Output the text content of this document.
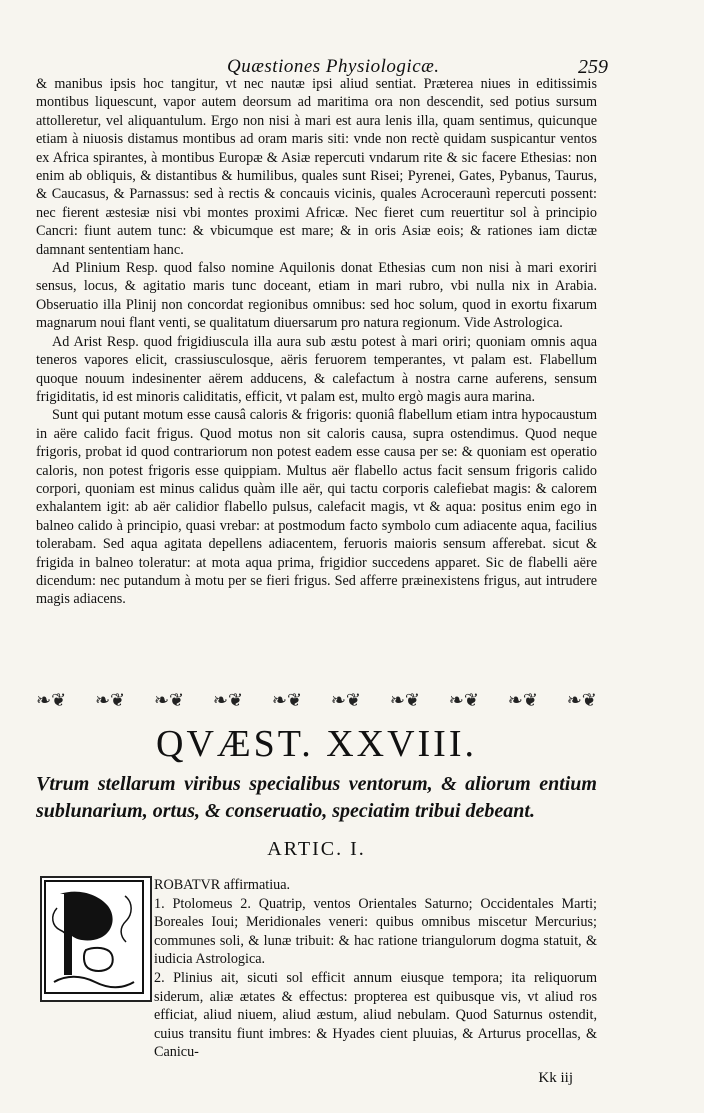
Quæstiones Physiologicæ.	259

& manibus ipsis hoc tangitur, vt nec nautæ ipsi aliud sentiat. Præterea niues in editissimis montibus liquescunt, vapor autem deorsum ad maritima ora non descendit, sed potius sursum attolleretur, vel aliquantulum. Ergo non nisi à mari est aura lenis illa, quam sentimus, quicunque etiam à niuosis distamus montibus ad oram maris siti: vnde non rectè quidam suspicantur ventos ex Africa spirantes, à montibus Europæ & Asiæ repercuti vndarum rite & sic facere Ethesias: non enim ab obliquis, & distantibus & humilibus, quales sunt Risei; Pyrenei, Gates, Pybanus, Taurus, & Caucasus, & Parnassus: sed à rectis & concauis vicinis, quales Acroceraunì repercuti possent: nec fierent æstesiæ nisi vbi montes proximi Africæ. Nec fieret cum reuertitur sol à principio Cancri: fiunt autem tunc: & vbicumque est mare; & in oris Asiæ eois; & rationes iam dictæ damnant sententiam hanc.

Ad Plinium Resp. quod falso nomine Aquilonis donat Ethesias cum non nisi à mari exoriri sensus, locus, & agitatio maris tunc doceant, etiam in mari rubro, vbi nulla nix in Arabia. Obseruatio illa Plinij non concordat regionibus omnibus: sed hoc solum, quod in exortu fixarum magnarum noui flant venti, se qualitatum diuersarum pro natura regionum. Vide Astrologica.

Ad Arist Resp. quod frigidiuscula illa aura sub æstu potest à mari oriri; quoniam omnis aqua teneros vapores elicit, crassiusculosque, aëris feruorem temperantes, vt palam est. Flabellum quoque nouum indesinenter aërem adducens, & calefactum à nostra carne auferens, sensum frigiditatis, id est minoris caliditatis, efficit, vt palam est, multo ergò magis aura marina.

Sunt qui putant motum esse causâ caloris & frigoris: quoniâ flabellum etiam intra hypocaustum in aëre calido facit frigus. Quod motus non sit caloris causa, supra ostendimus. Quod neque frigoris, probat id quod contrariorum non potest eadem esse causa per se: & quoniam est operatio caloris, non potest frigoris esse quippiam. Multus aër flabello actus facit sensum frigoris calido corpori, quoniam est minus calidus quàm ille aër, qui tactu corporis calefiebat magis: & calorem exhalantem igit: ab aër calidior flabello pulsus, calefacit magis, vt & aqua: positus enim ego in balneo calido à principio, quasi vrebar: at postmodum facto symbolo cum adiacente aqua, facilius tolerabam. Sed aqua agitata depellens adiacentem, feruoris maioris sensum afferebat. sicut & frigida in balneo toleratur: at mota aqua prima, frigidior succedens apparet. Sic de flabelli aëre dicendum: nec putandum à motu per se fieri frigus. Sed afferre præinexistens frigus, aut intrudere magis adiacens.

❧❦ ❧❦ ❧❦ ❧❦ ❧❦ ❧❦ ❧❦ ❧❦ ❧❦ ❧❦
QVÆST. XXVIII.
Vtrum stellarum viribus specialibus ventorum, & aliorum entium sublunarium, ortus, & conseruatio, speciatim tribui debeant.
ARTIC. I.
ROBATVR affirmatiua.
1. Ptolomeus 2. Quatrip, ventos Orientales Saturno; Occidentales Marti; Boreales Ioui; Meridionales veneri: quibus omnibus miscetur Mercurius; communes soli, & lunæ tribuit: & hac ratione triangulorum dogma statuit, & iudicia Astrologica.
2. Plinius ait, sicuti sol efficit annum eiusque tempora; ita reliquorum siderum, aliæ ætates & effectus: propterea est quibusque vis, vt aliud ros efficiat, aliud niuem, aliud æstum, aliud nebulam. Quod Saturnus ostendit, cuius transitu fiunt imbres: & Hyades cient pluuias, & Arturus procellas, & Canicu-
Kk iij
